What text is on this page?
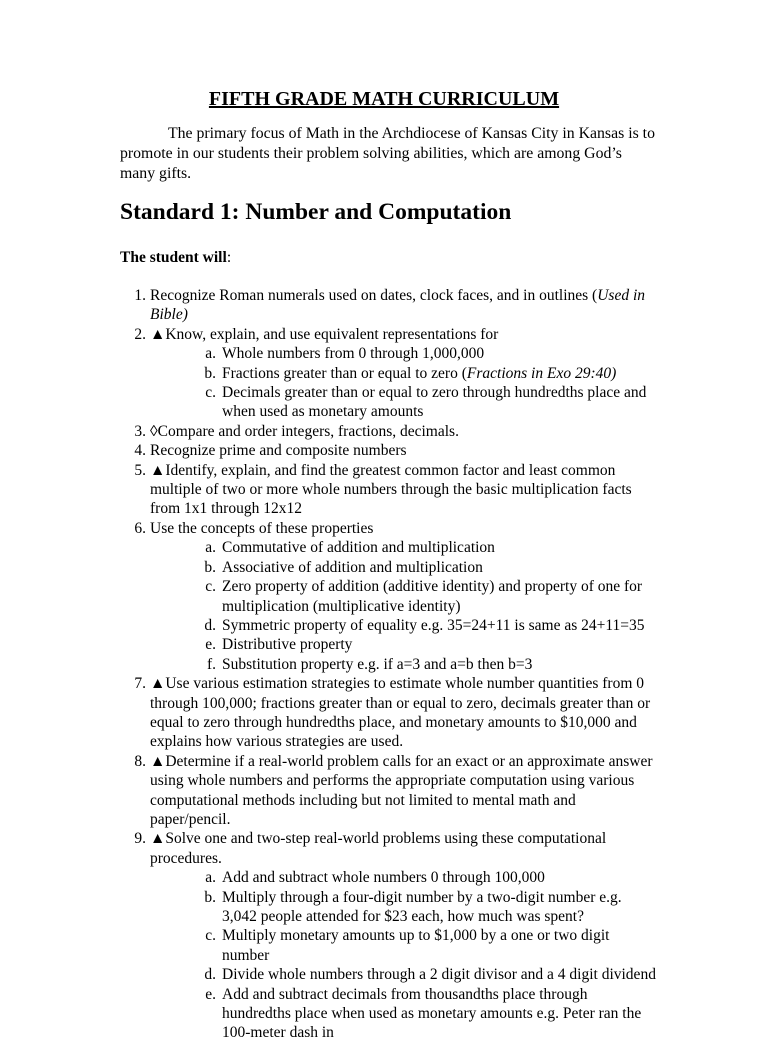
FIFTH GRADE MATH CURRICULUM

The primary focus of Math in the Archdiocese of Kansas City in Kansas is to promote in our students their problem solving abilities, which are among God’s many gifts.

Standard 1: Number and Computation

The student will:

1. Recognize Roman numerals used on dates, clock faces, and in outlines (Used in Bible)
2. ▲Know, explain, and use equivalent representations for
a. Whole numbers from 0 through 1,000,000
b. Fractions greater than or equal to zero (Fractions in Exo 29:40)
c. Decimals greater than or equal to zero through hundredths place and when used as monetary amounts
3. ◊Compare and order integers, fractions, decimals.
4. Recognize prime and composite numbers
5. ▲Identify, explain, and find the greatest common factor and least common multiple of two or more whole numbers through the basic multiplication facts from 1x1 through 12x12
6. Use the concepts of these properties
a. Commutative of addition and multiplication
b. Associative of addition and multiplication
c. Zero property of addition (additive identity) and property of one for multiplication (multiplicative identity)
d. Symmetric property of equality e.g. 35=24+11 is same as 24+11=35
e. Distributive property
f. Substitution property e.g. if a=3 and a=b then b=3
7. ▲Use various estimation strategies to estimate whole number quantities from 0 through 100,000; fractions greater than or equal to zero, decimals greater than or equal to zero through hundredths place, and monetary amounts to $10,000 and explains how various strategies are used.
8. ▲Determine if a real-world problem calls for an exact or an approximate answer using whole numbers and performs the appropriate computation using various computational methods including but not limited to mental math and paper/pencil.
9. ▲Solve one and two-step real-world problems using these computational procedures.
a. Add and subtract whole numbers 0 through 100,000
b. Multiply through a four-digit number by a two-digit number e.g. 3,042 people attended for $23 each, how much was spent?
c. Multiply monetary amounts up to $1,000 by a one or two digit number
d. Divide whole numbers through a 2 digit divisor and a 4 digit dividend
e. Add and subtract decimals from thousandths place through hundredths place when used as monetary amounts e.g. Peter ran the 100-meter dash in
